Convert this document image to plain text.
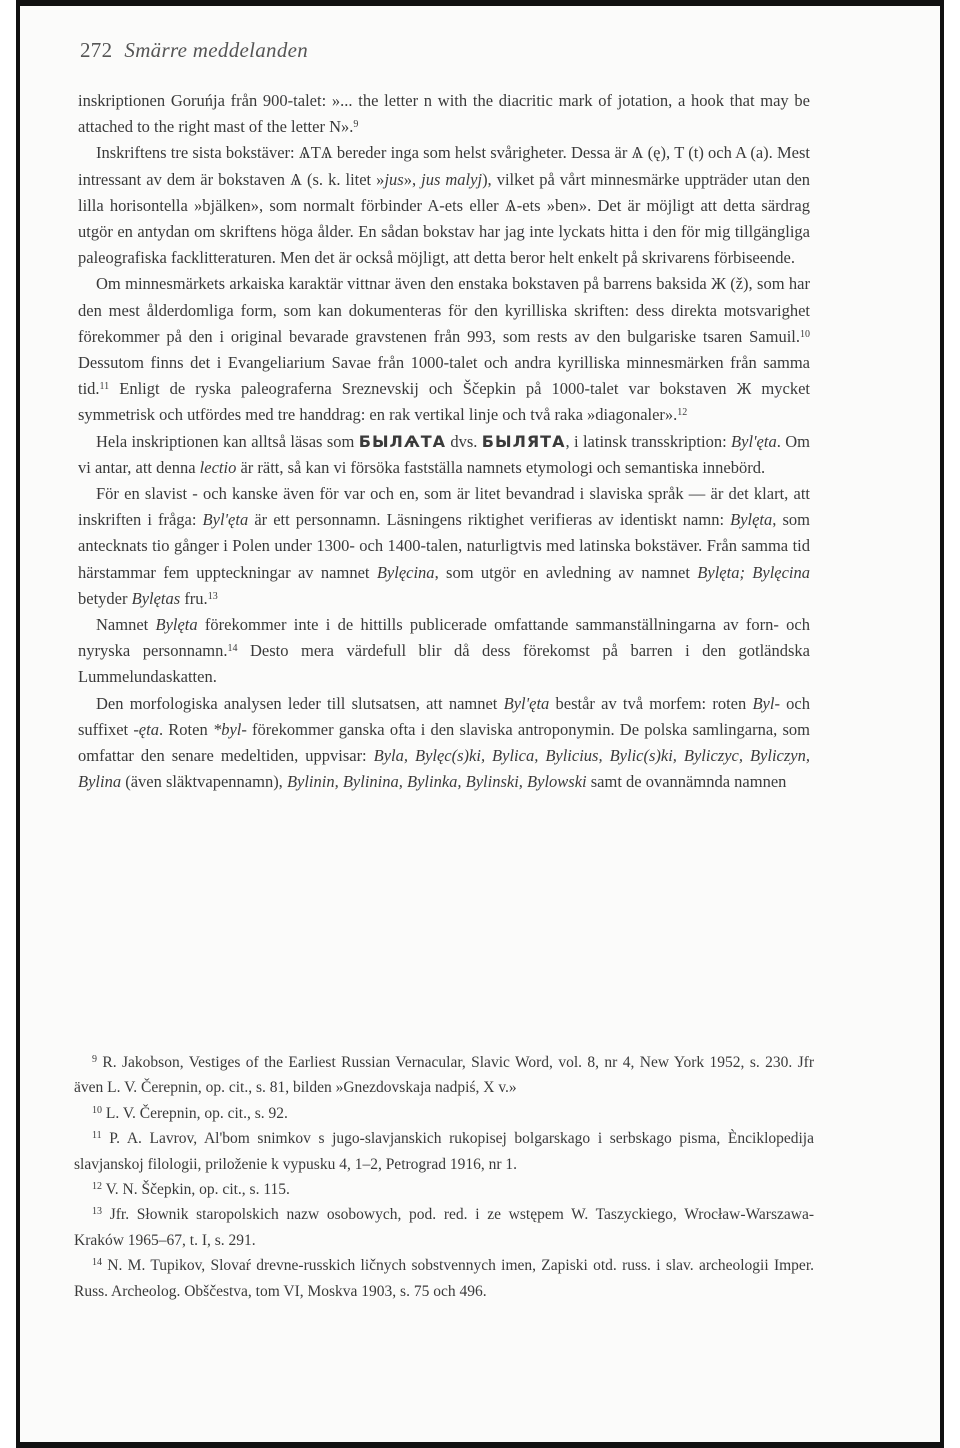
272 Smärre meddelanden

inskriptionen Goruńja från 900-talet: »... the letter n with the diacritic mark of jotation, a hook that may be attached to the right mast of the letter N».$^9$

Inskriftens tre sista bokstäver: ѦТѦ bereder inga som helst svårigheter. Dessa är Ѧ (ę), T (t) och A (a). Mest intressant av dem är bokstaven Ѧ (s. k. litet »jus», jus malyj), vilket på vårt minnesmärke uppträder utan den lilla horisontella »bjälken», som normalt förbinder A-ets eller Ѧ-ets »ben». Det är möjligt att detta särdrag utgör en antydan om skriftens höga ålder. En sådan bokstav har jag inte lyckats hitta i den för mig tillgängliga paleografiska facklitteraturen. Men det är också möjligt, att detta beror helt enkelt på skrivarens förbiseende.

Om minnesmärkets arkaiska karaktär vittnar även den enstaka bokstaven på barrens baksida Ж (ž), som har den mest ålderdomliga form, som kan dokumenteras för den kyrilliska skriften: dess direkta motsvarighet förekommer på den i original bevarade gravstenen från 993, som rests av den bulgariske tsaren Samuil.$^{10}$ Dessutom finns det i Evangeliarium Savae från 1000-talet och andra kyrilliska minnesmärken från samma tid.$^{11}$ Enligt de ryska paleograferna Sreznevskij och Ščepkin på 1000-talet var bokstaven Ж mycket symmetrisk och utfördes med tre handdrag: en rak vertikal linje och två raka »diagonaler».$^{12}$

Hela inskriptionen kan alltså läsas som БЫЛѦТА dvs. БЫЛЯТА, i latinsk transskription: Byl'ęta. Om vi antar, att denna lectio är rätt, så kan vi försöka fastställa namnets etymologi och semantiska innebörd.

För en slavist - och kanske även för var och en, som är litet bevandrad i slaviska språk — är det klart, att inskriften i fråga: Byl'ęta är ett personnamn. Läsningens riktighet verifieras av identiskt namn: Bylęta, som antecknats tio gånger i Polen under 1300- och 1400-talen, naturligtvis med latinska bokstäver. Från samma tid härstammar fem uppteckningar av namnet Bylęcina, som utgör en avledning av namnet Bylęta; Bylęcina betyder Bylętas fru.$^{13}$

Namnet Bylęta förekommer inte i de hittills publicerade omfattande sammanställningarna av forn- och nyryska personnamn.$^{14}$ Desto mera värdefull blir då dess förekomst på barren i den gotländska Lummelundaskatten.

Den morfologiska analysen leder till slutsatsen, att namnet Byl'ęta består av två morfem: roten Byl- och suffixet -ęta. Roten *byl- förekommer ganska ofta i den slaviska antroponymin. De polska samlingarna, som omfattar den senare medeltiden, uppvisar: Byla, Bylęc(s)ki, Bylica, Bylicius, Bylic(s)ki, Byliczyc, Byliczyn, Bylina (även släktvapennamn), Bylinin, Bylinina, Bylinka, Bylinski, Bylowski samt de ovannämnda namnen

$^9$ R. Jakobson, Vestiges of the Earliest Russian Vernacular, Slavic Word, vol. 8, nr 4, New York 1952, s. 230. Jfr även L. V. Čerepnin, op. cit., s. 81, bilden »Gnezdovskaja nadpiś, X v.»

$^{10}$ L. V. Čerepnin, op. cit., s. 92.

$^{11}$ P. A. Lavrov, Al'bom snimkov s jugo-slavjanskich rukopisej bolgarskago i serbskago pisma, Ènciklopedija slavjanskoj filologii, priloženie k vypusku 4, 1–2, Petrograd 1916, nr 1.

$^{12}$ V. N. Ščepkin, op. cit., s. 115.

$^{13}$ Jfr. Słownik staropolskich nazw osobowych, pod. red. i ze wstępem W. Taszyckiego, Wrocław-Warszawa-Kraków 1965–67, t. I, s. 291.

$^{14}$ N. M. Tupikov, Slovaŕ drevne-russkich ličnych sobstvennych imen, Zapiski otd. russ. i slav. archeologii Imper. Russ. Archeolog. Obščestva, tom VI, Moskva 1903, s. 75 och 496.
